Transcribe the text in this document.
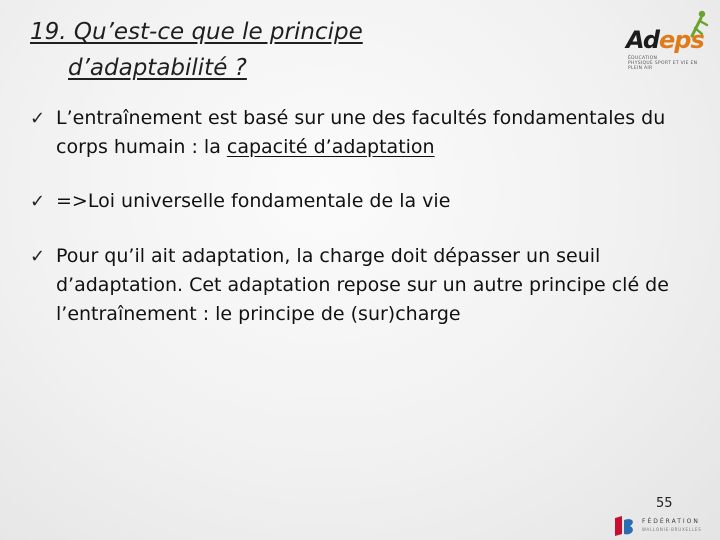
19. Qu’est-ce que le principe
d’adaptabilité ?
Adeps
ÉDUCATION
PHYSIQUE SPORT ET VIE EN PLEIN AIR
✓ L’entraînement est basé sur une des facultés fondamentales du corps humain : la capacité d’adaptation
✓ =>Loi universelle fondamentale de la vie
✓ Pour qu’il ait adaptation, la charge doit dépasser un seuil d’adaptation. Cet adaptation repose sur un autre principe clé de l’entraînement : le principe de (sur)charge
55
FÉDÉRATION
WALLONIE-BRUXELLES
